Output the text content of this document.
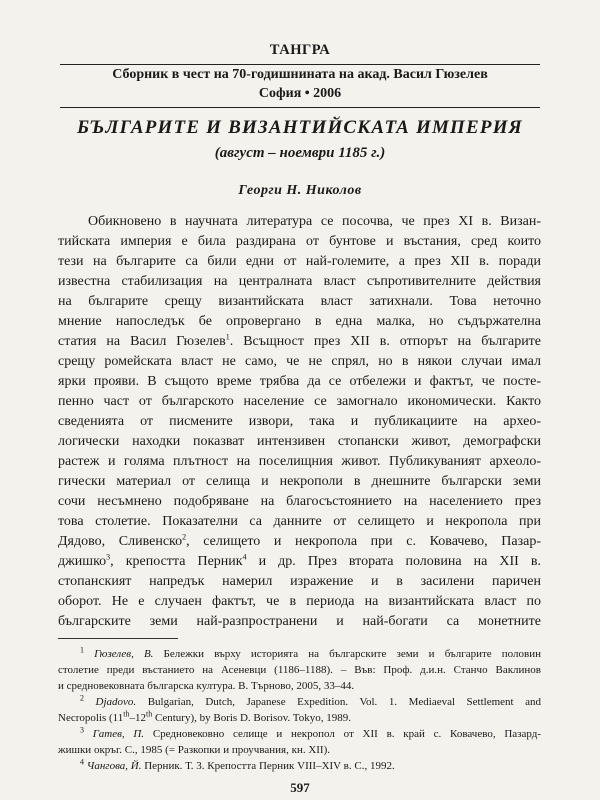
ТАНГРА
Сборник в чест на 70-годишнината на акад. Васил Гюзелев
София • 2006
БЪЛГАРИТЕ И ВИЗАНТИЙСКАТА ИМПЕРИЯ
(август – ноември 1185 г.)
Георги Н. Николов
Обикновено в научната литература се посочва, че през XI в. Визан-
тийската империя е била раздирана от бунтове и въстания, сред които
тези на българите са били едни от най-големите, а през XII в. поради
известна стабилизация на централната власт съпротивителните действия
на българите срещу византийската власт затихнали. Това неточно
мнение напоследък бе опровергано в една малка, но съдържателна
статия на Васил Гюзелев$^1$. Всъщност през XII в. отпорът на българите
срещу ромейската власт не само, че не спрял, но в някои случаи имал
ярки прояви. В същото време трябва да се отбележи и фактът, че посте-
пенно част от българското население се замогнало икономически. Както
сведенията от писмените извори, така и публикациите на архео-
логически находки показват интензивен стопански живот, демографски
растеж и голяма плътност на поселищния живот. Публикуваният археоло-
гически материал от селища и некрополи в днешните български земи
сочи несъмнено подобряване на благосъстоянието на населението през
това столетие. Показателни са данните от селището и некропола при
Дядово, Сливенско$^2$, селището и некропола при с. Ковачево, Пазар-
джишко$^3$, крепостта Перник$^4$ и др. През втората половина на XII в.
стопанският напредък намерил изражение и в засилени паричен
оборот. Не е случаен фактът, че в периода на византийската власт по
българските земи най-разпространени и най-богати са монетните
$^1$ Гюзелев, В. Бележки върху историята на българските земи и българите половин
столетие преди въстанието на Асеневци (1186–1188). – Във: Проф. д.и.н. Станчо Ваклинов
и средновековната българска култура. В. Търново, 2005, 33–44.
$^2$ Djadovo. Bulgarian, Dutch, Japanese Expedition. Vol. 1. Mediaeval Settlement and
Necropolis (11th–12th Century), by Boris D. Borisov. Tokyo, 1989.
$^3$ Гатев, П. Средновековно селище и некропол от XII в. край с. Ковачево, Пазард-
жишки окръг. С., 1985 (= Разкопки и проучвания, кн. XII).
$^4$ Чангова, Й. Перник. Т. 3. Крепостта Перник VIII–XIV в. С., 1992.
597
